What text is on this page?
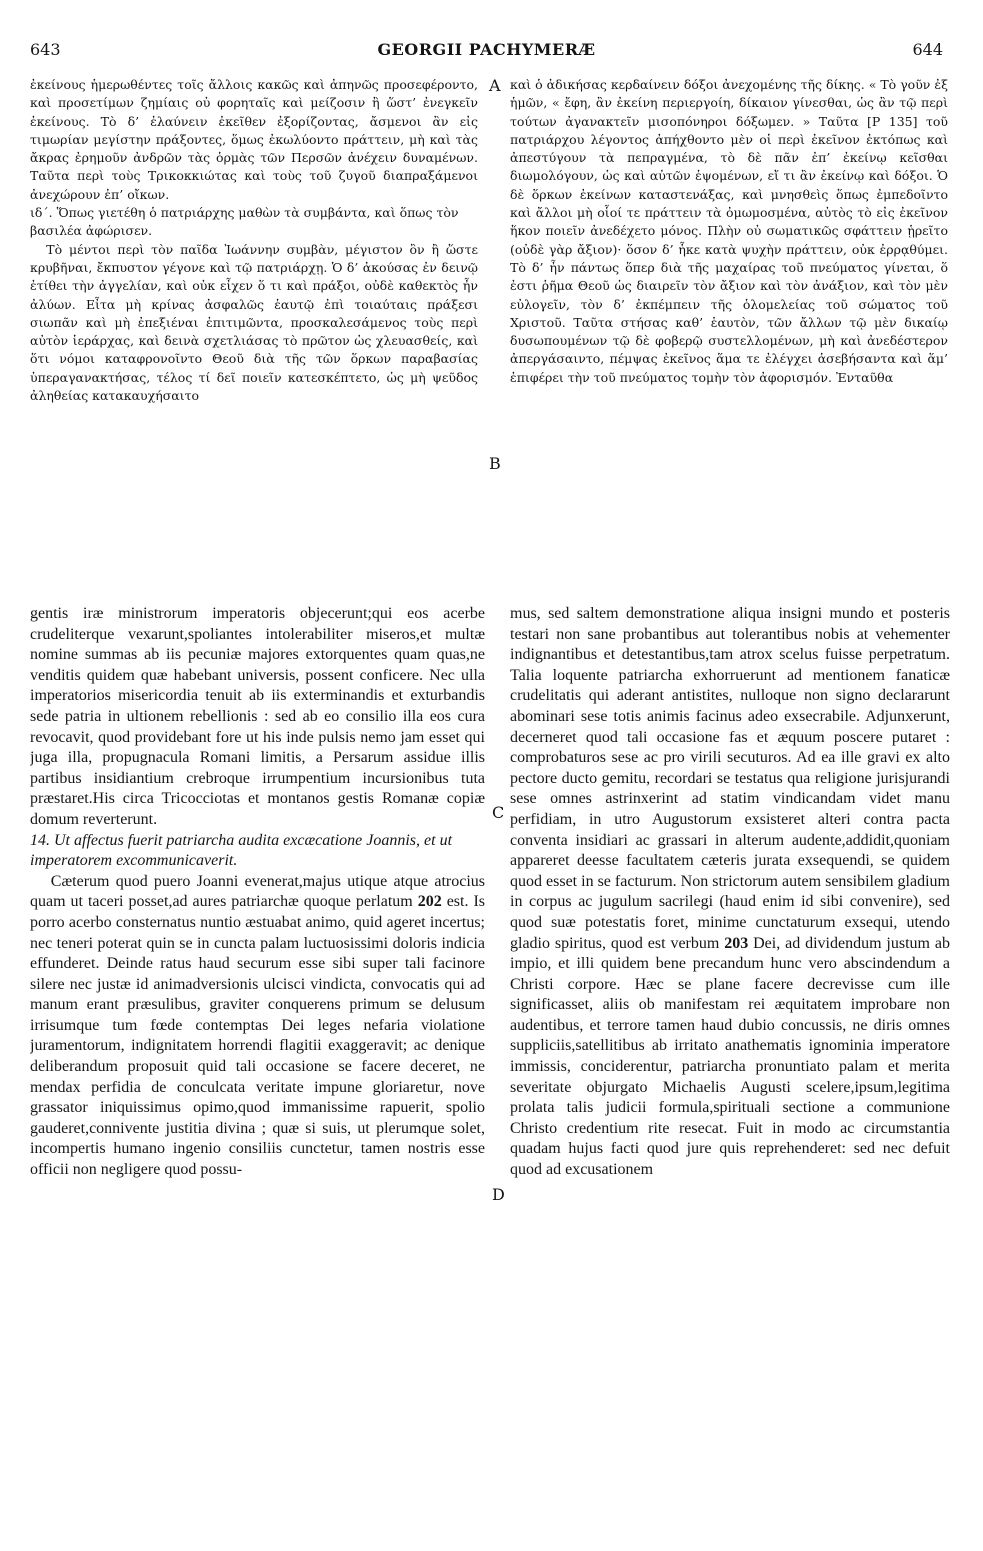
643	GEORGII PACHYMERÆ	644

ἐκείνους ἡμερωθέντες τοῖς ἄλλοις κακῶς καὶ ἀπηνῶς προσεφέροντο, καὶ προσετίμων ζημίαις οὐ φορηταῖς καὶ μείζοσιν ἢ ὥστ’ ἐνεγκεῖν ἐκείνους. Τὸ δ’ ἐλαύνειν ἐκεῖθεν ἐξορίζοντας, ἄσμενοι ἂν εἰς τιμωρίαν μεγίστην πράξοντες, ὅμως ἐκωλύοντο πράττειν, μὴ καὶ τὰς ἄκρας ἐρημοῦν ἀνδρῶν τὰς ὁρμὰς τῶν Περσῶν ἀνέχειν δυναμένων. Ταῦτα περὶ τοὺς Τρικοκκιώτας καὶ τοὺς τοῦ ζυγοῦ διαπραξάμενοι ἀνεχώρουν ἐπ’ οἴκων.

ιδ΄. Ὅπως γιετέθη ὁ πατριάρχης μαθὼν τὰ συμβάντα, καὶ ὅπως τὸν βασιλέα ἀφώρισεν.

Τὸ μέντοι περὶ τὸν παῖδα Ἰωάννην συμβὰν, μέγιστον ὂν ἢ ὥστε κρυβῆναι, ἔκπυστον γέγονε καὶ τῷ πατριάρχῃ. Ὁ δ’ ἀκούσας ἐν δεινῷ ἐτίθει τὴν ἀγγελίαν, καὶ οὐκ εἶχεν ὅ τι καὶ πράξοι, οὐδὲ καθεκτὸς ἦν ἀλύων. Εἶτα μὴ κρίνας ἀσφαλῶς ἑαυτῷ ἐπὶ τοιαύταις πράξεσι σιωπᾶν καὶ μὴ ἐπεξιέναι ἐπιτιμῶντα, προσκαλεσάμενος τοὺς περὶ αὐτὸν ἱεράρχας, καὶ δεινὰ σχετλιάσας τὸ πρῶτον ὡς χλευασθείς, καὶ ὅτι νόμοι καταφρονοῖντο Θεοῦ διὰ τῆς τῶν ὅρκων παραβασίας ὑπεραγανακτήσας, τέλος τί δεῖ ποιεῖν κατεσκέπτετο, ὡς μὴ ψεῦδος ἀληθείας κατακαυχήσαιτο

καὶ ὁ ἀδικήσας κερδαίνειν δόξοι ἀνεχομένης τῆς δίκης. « Τὸ γοῦν ἐξ ἡμῶν, « ἔφη, ἂν ἐκείνη περιεργοίη, δίκαιον γίνεσθαι, ὡς ἂν τῷ περὶ τούτων ἀγανακτεῖν μισοπόνηροι δόξωμεν. » Ταῦτα [P 135] τοῦ πατριάρχου λέγοντος ἀπήχθοντο μὲν οἱ περὶ ἐκεῖνον ἐκτόπως καὶ ἀπεστύγουν τὰ πεπραγμένα, τὸ δὲ πᾶν ἐπ’ ἐκείνῳ κεῖσθαι διωμολόγουν, ὡς καὶ αὐτῶν ἐψομένων, εἴ τι ἂν ἐκείνῳ καὶ δόξοι. Ὁ δὲ ὅρκων ἐκείνων καταστενάξας, καὶ μνησθεὶς ὅπως ἐμπεδοῖντο καὶ ἄλλοι μὴ οἷοί τε πράττειν τὰ ὀμωμοσμένα, αὐτὸς τὸ εἰς ἐκεῖνον ἥκον ποιεῖν ἀνεδέχετο μόνος. Πλὴν οὐ σωματικῶς σφάττειν ᾑρεῖτο (οὐδὲ γὰρ ἄξιον)· ὅσον δ’ ἧκε κατὰ ψυχὴν πράττειν, οὐκ ἐρρᾳθύμει. Τὸ δ’ ἦν πάντως ὅπερ διὰ τῆς μαχαίρας τοῦ πνεύματος γίνεται, ὅ ἐστι ῥῆμα Θεοῦ ὡς διαιρεῖν τὸν ἄξιον καὶ τὸν ἀνάξιον, καὶ τὸν μὲν εὐλογεῖν, τὸν δ’ ἐκπέμπειν τῆς ὁλομελείας τοῦ σώματος τοῦ Χριστοῦ. Ταῦτα στήσας καθ’ ἑαυτὸν, τῶν ἄλλων τῷ μὲν δικαίῳ δυσωπουμένων τῷ δὲ φοβερῷ συστελλομένων, μὴ καὶ ἀνεδέστερον ἀπεργάσαιντο, πέμψας ἐκεῖνος ἅμα τε ἐλέγχει ἀσεβήσαντα καὶ ἅμ’ ἐπιφέρει τὴν τοῦ πνεύματος τομὴν τὸν ἀφορισμόν. Ἐνταῦθα

A
B
C
D

gentis iræ ministrorum imperatoris objecerunt;qui eos acerbe crudeliterque vexarunt,spoliantes intolerabiliter miseros,et multæ nomine summas ab iis pecuniæ majores extorquentes quam quas,ne venditis quidem quæ habebant universis, possent conficere. Nec ulla imperatorios misericordia tenuit ab iis exterminandis et exturbandis sede patria in ultionem rebellionis : sed ab eo consilio illa eos cura revocavit, quod providebant fore ut his inde pulsis nemo jam esset qui juga illa, propugnacula Romani limitis, a Persarum assidue illis partibus insidiantium crebroque irrumpentium incursionibus tuta præstaret.His circa Tricocciotas et montanos gestis Romanæ copiæ domum reverterunt.

14. Ut affectus fuerit patriarcha audita excæcatione Joannis, et ut imperatorem excommunicaverit.

Cæterum quod puero Joanni evenerat,majus utique atque atrocius quam ut taceri posset,ad aures patriarchæ quoque perlatum 202 est. Is porro acerbo consternatus nuntio æstuabat animo, quid ageret incertus; nec teneri poterat quin se in cuncta palam luctuosissimi doloris indicia effunderet. Deinde ratus haud securum esse sibi super tali facinore silere nec justæ id animadversionis ulcisci vindicta, convocatis qui ad manum erant præsulibus, graviter conquerens primum se delusum irrisumque tum fœde contemptas Dei leges nefaria violatione juramentorum, indignitatem horrendi flagitii exaggeravit; ac denique deliberandum proposuit quid tali occasione se facere deceret, ne mendax perfidia de conculcata veritate impune gloriaretur, nove grassator iniquissimus opimo,quod immanissime rapuerit, spolio gauderet,connivente justitia divina ; quæ si suis, ut plerumque solet, incompertis humano ingenio consiliis cunctetur, tamen nostris esse officii non negligere quod possu-

mus, sed saltem demonstratione aliqua insigni mundo et posteris testari non sane probantibus aut tolerantibus nobis at vehementer indignantibus et detestantibus,tam atrox scelus fuisse perpetratum. Talia loquente patriarcha exhorruerunt ad mentionem fanaticæ crudelitatis qui aderant antistites, nulloque non signo declararunt abominari sese totis animis facinus adeo exsecrabile. Adjunxerunt, decerneret quod tali occasione fas et æquum poscere putaret : comprobaturos sese ac pro virili secuturos. Ad ea ille gravi ex alto pectore ducto gemitu, recordari se testatus qua religione jurisjurandi sese omnes astrinxerint ad statim vindicandam videt manu perfidiam, in utro Augustorum exsisteret alteri contra pacta conventa insidiari ac grassari in alterum audente,addidit,quoniam appareret deesse facultatem cæteris jurata exsequendi, se quidem quod esset in se facturum. Non strictorum autem sensibilem gladium in corpus ac jugulum sacrilegi (haud enim id sibi convenire), sed quod suæ potestatis foret, minime cunctaturum exsequi, utendo gladio spiritus, quod est verbum 203 Dei, ad dividendum justum ab impio, et illi quidem bene precandum hunc vero abscindendum a Christi corpore. Hæc se plane facere decrevisse cum ille significasset, aliis ob manifestam rei æquitatem improbare non audentibus, et terrore tamen haud dubio concussis, ne diris omnes suppliciis,satellitibus ab irritato anathematis ignominia imperatore immissis, conciderentur, patriarcha pronuntiato palam et merita severitate objurgato Michaelis Augusti scelere,ipsum,legitima prolata talis judicii formula,spirituali sectione a communione Christo credentium rite resecat. Fuit in modo ac circumstantia quadam hujus facti quod jure quis reprehenderet: sed nec defuit quod ad excusationem
